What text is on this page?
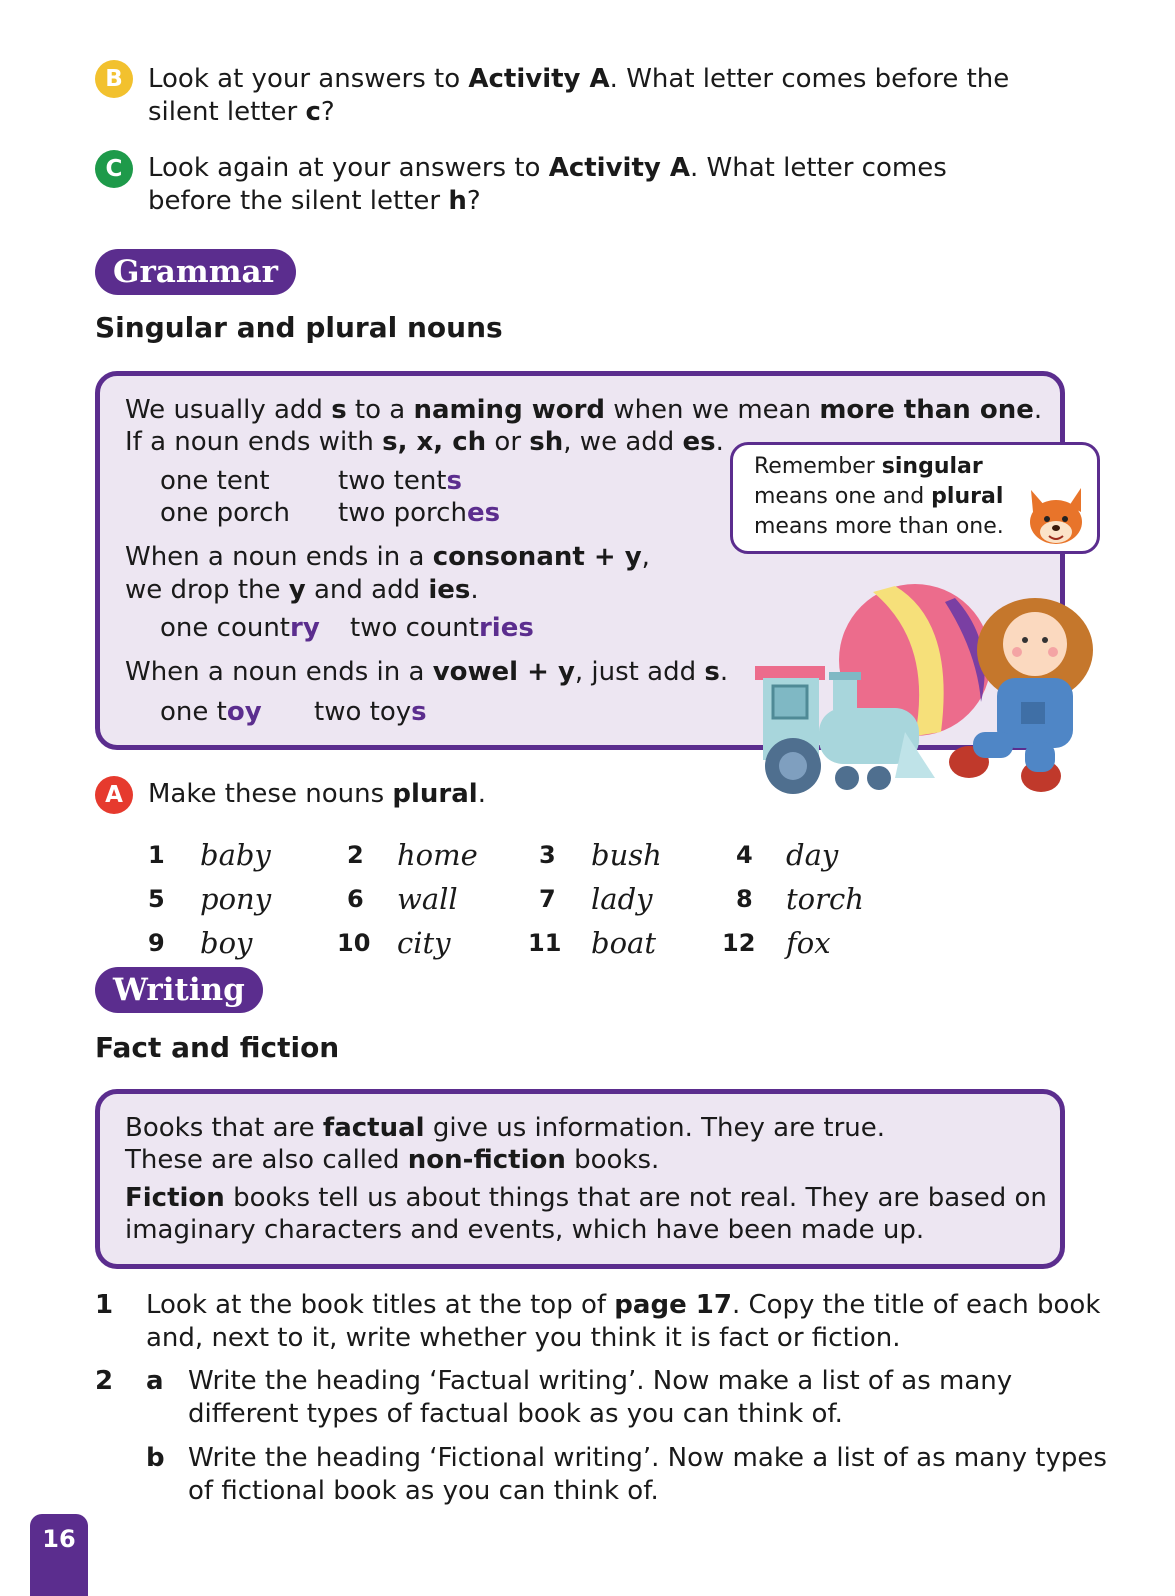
B Look at your answers to Activity A. What letter comes before the
silent letter c?
C Look again at your answers to Activity A. What letter comes
before the silent letter h?
Grammar
Singular and plural nouns
We usually add s to a naming word when we mean more than one.
If a noun ends with s, x, ch or sh, we add es.
one tent	two tents
one porch two porches
When a noun ends in a consonant + y,
we drop the y and add ies.
one country two countries
When a noun ends in a vowel + y, just add s.
one toy two toys
Remember singular
means one and plural
means more than one.
A Make these nouns plural.
1 baby	2 home	3 bush	4 day
5 pony	6 wall	7 lady	8 torch
9 boy	10 city	11 boat	12 fox
Writing
Fact and fiction
Books that are factual give us information. They are true.
These are also called non-fiction books.
Fiction books tell us about things that are not real. They are based on
imaginary characters and events, which have been made up.
1 Look at the book titles at the top of page 17. Copy the title of each book
and, next to it, write whether you think it is fact or fiction.
2 a Write the heading ‘Factual writing’. Now make a list of as many
different types of factual book as you can think of.
b Write the heading ‘Fictional writing’. Now make a list of as many types
of fictional book as you can think of.
16
